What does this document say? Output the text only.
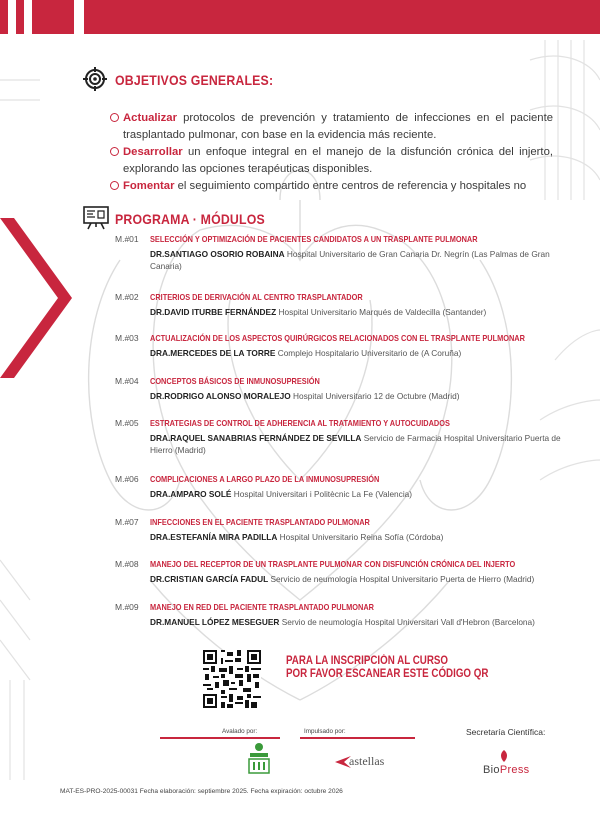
OBJETIVOS GENERALES:
Actualizar protocolos de prevención y tratamiento de infecciones en el paciente trasplantado pulmonar, con base en la evidencia más reciente.
Desarrollar un enfoque integral en el manejo de la disfunción crónica del injerto, explorando las opciones terapéuticas disponibles.
Fomentar el seguimiento compartido entre centros de referencia y hospitales no
PROGRAMA · MÓDULOS
M.#01 SELECCIÓN Y OPTIMIZACIÓN DE PACIENTES CANDIDATOS A UN TRASPLANTE PULMONAR
DR.SANTIAGO OSORIO ROBAINA Hospital Universitario de Gran Canaria Dr. Negrín (Las Palmas de Gran Canaria)
M.#02 CRITERIOS DE DERIVACIÓN AL CENTRO TRASPLANTADOR
DR.DAVID ITURBE FERNÁNDEZ Hospital Universitario Marqués de Valdecilla (Santander)
M.#03 ACTUALIZACIÓN DE LOS ASPECTOS QUIRÚRGICOS RELACIONADOS CON EL TRASPLANTE PULMONAR
DRA.MERCEDES DE LA TORRE Complejo Hospitalario Universitario de (A Coruña)
M.#04 CONCEPTOS BÁSICOS DE INMUNOSUPRESIÓN
DR.RODRIGO ALONSO MORALEJO Hospital Universitario 12 de Octubre (Madrid)
M.#05 ESTRATEGIAS DE CONTROL DE ADHERENCIA AL TRATAMIENTO Y AUTOCUIDADOS
DRA.RAQUEL SANABRIAS FERNÁNDEZ DE SEVILLA Servicio de Farmacia Hospital Universitario Puerta de Hierro (Madrid)
M.#06 COMPLICACIONES A LARGO PLAZO DE LA INMUNOSUPRESIÓN
DRA.AMPARO SOLÉ Hospital Universitari i Politècnic La Fe (Valencia)
M.#07 INFECCIONES EN EL PACIENTE TRASPLANTADO PULMONAR
DRA.ESTEFANÍA MIRA PADILLA Hospital Universitario Reina Sofía (Córdoba)
M.#08 MANEJO DEL RECEPTOR DE UN TRASPLANTE PULMONAR CON DISFUNCIÓN CRÓNICA DEL INJERTO
DR.CRISTIAN GARCÍA FADUL Servicio de neumología Hospital Universitario Puerta de Hierro (Madrid)
M.#09 MANEJO EN RED DEL PACIENTE TRASPLANTADO PULMONAR
DR.MANUEL LÓPEZ MESEGUER Servio de neumología Hospital Universitari Vall d'Hebron (Barcelona)
PARA LA INSCRIPCIÓN AL CURSO
POR FAVOR ESCANEAR ESTE CÓDIGO QR
Avalado por:	Impulsado por:	Secretaría Científica:
astellas
BioPress
MAT-ES-PRO-2025-00031 Fecha elaboración: septiembre 2025. Fecha expiración: octubre 2026
